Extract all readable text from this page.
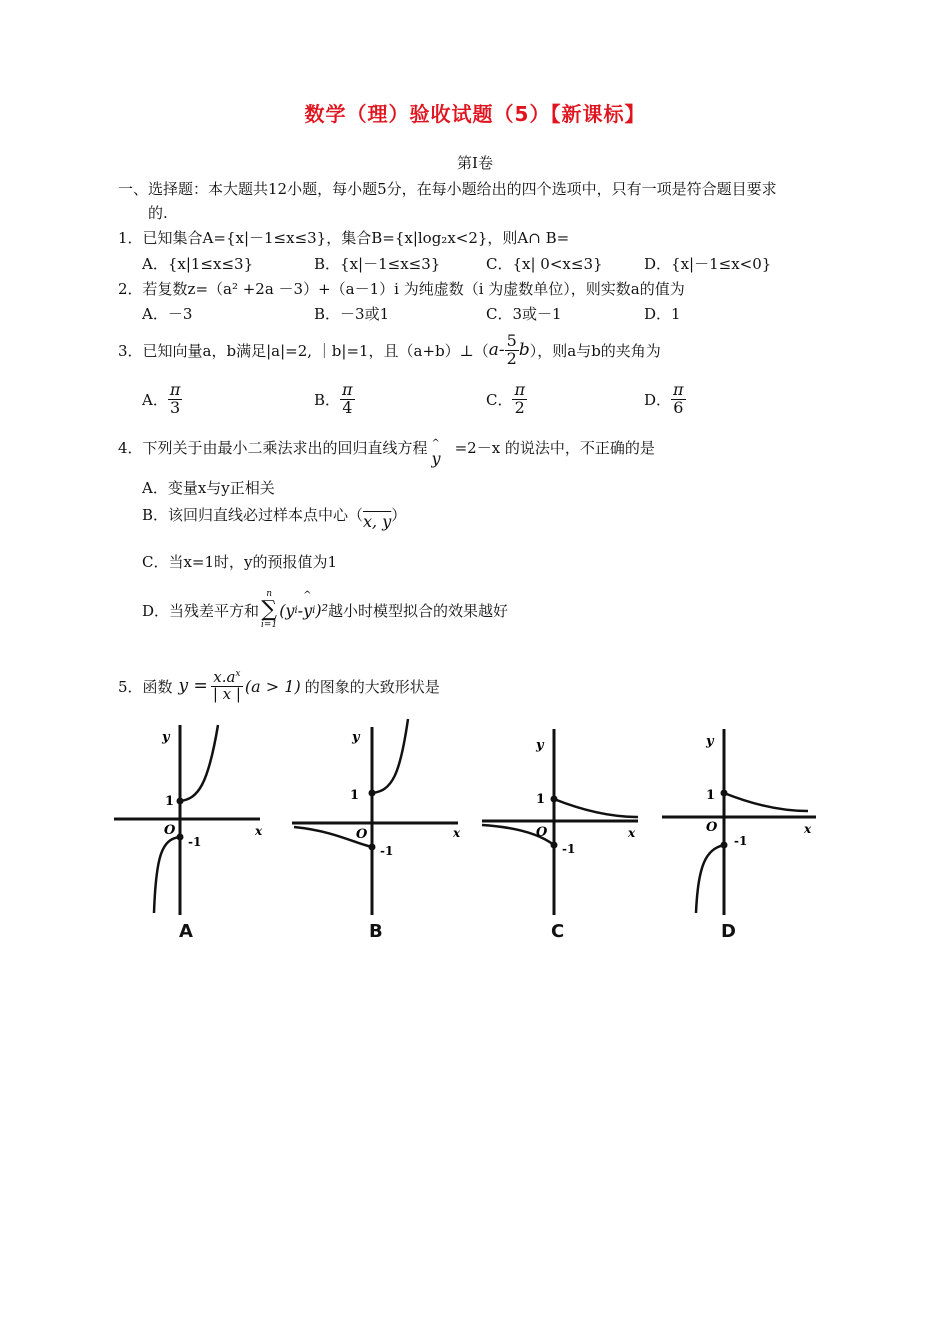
数学（理）验收试题（5）【新课标】
第Ⅰ卷
一、选择题：本大题共12小题，每小题5分，在每小题给出的四个选项中，只有一项是符合题目要求
的.
1．已知集合A={x|－1≤x≤3}，集合B={x|log₂x<2}，则A∩ B=
A．{x|1≤x≤3}	B．{x|－1≤x≤3}	C．{x| 0<x≤3}	D．{x|－1≤x<0}
2．若复数z=（a² +2a －3）+（a－1）i 为纯虚数（i 为虚数单位），则实数a的值为
A．－3	B．－3或1	C．3或－1	D．1
3．已知向量a，b满足|a|=2, ｜b|=1，且（a+b）⊥（ a - $\frac{5}{2}$ b ），则a与b的夹角为
A． $\frac{\pi}{3}$	B． $\frac{\pi}{4}$	C． $\frac{\pi}{2}$	D． $\frac{\pi}{6}$
4．下列关于由最小二乘法求出的回归直线方程
^ y
=2－x 的说法中，不正确的是
A．变量x与y正相关
B．该回归直线必过样本点中心（ x, y ）
C．当x=1时，y的预报值为1
D．当残差平方和
n
∑
i=1
(y i - ^ y i )² 越小时模型拟合的效果越好
5．函数 $y = \frac{x.a^x}{| x |} (a > 1)$ 的图象的大致形状是
y
x
1
O
-1
A
y
x
1
O
-1
B
y
x
1
O
-1
C
y
x
1
O
-1
D
